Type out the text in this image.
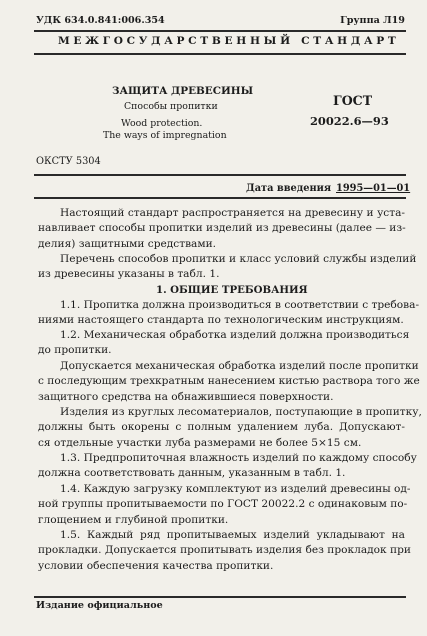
УДК 634.0.841:006.354	Группа Л19
М Е Ж Г О С У Д А Р С Т В Е Н Н Ы Й   С Т А Н Д А Р Т
ЗАЩИТА ДРЕВЕСИНЫ
Способы пропитки
Wood protection.
The ways of impregnation
ГОСТ
20022.6—93
ОКСТУ 5304
Дата введения 1995—01—01
Настоящий стандарт распространяется на древесину и уста-
навливает способы пропитки изделий из древесины (далее — из-
делия) защитными средствами.
Перечень способов пропитки и класс условий службы изделий
из древесины указаны в табл. 1.
1. ОБЩИЕ ТРЕБОВАНИЯ
1.1. Пропитка должна производиться в соответствии с требова-
ниями настоящего стандарта по технологическим инструкциям.
1.2. Механическая обработка изделий должна производиться
до пропитки.
Допускается механическая обработка изделий после пропитки
с последующим трехкратным нанесением кистью раствора того же
защитного средства на обнажившиеся поверхности.
Изделия из круглых лесоматериалов, поступающие в пропитку,
должны быть окорены с полным удалением луба. Допускают-
ся отдельные участки луба размерами не более 5×15 см.
1.3. Предпропиточная влажность изделий по каждому способу
должна соответствовать данным, указанным в табл. 1.
1.4. Каждую загрузку комплектуют из изделий древесины од-
ной группы пропитываемости по ГОСТ 20022.2 с одинаковым по-
глощением и глубиной пропитки.
1.5. Каждый ряд пропитываемых изделий укладывают на
прокладки. Допускается пропитывать изделия без прокладок при
условии обеспечения качества пропитки.
Издание официальное
